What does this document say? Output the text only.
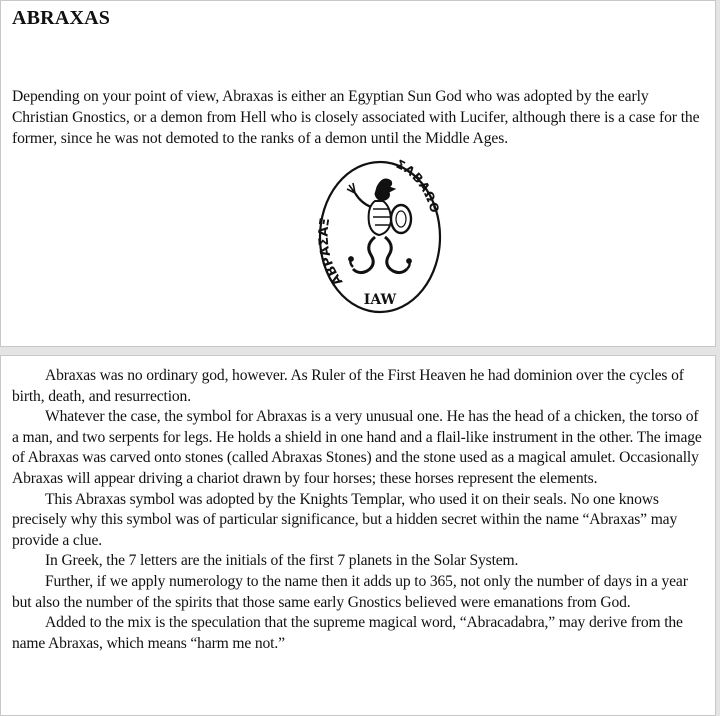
ABRAXAS

Depending on your point of view, Abraxas is either an Egyptian Sun God who was adopted by the early Christian Gnostics, or a demon from Hell who is closely associated with Lucifer, although there is a case for the former, since he was not demoted to the ranks of a demon until the Middle Ages.

ΑΒΡΑΣΑΞ
ΣΑΒΑΩΘ
IAW

Abraxas was no ordinary god, however. As Ruler of the First Heaven he had dominion over the cycles of birth, death, and resurrection.

Whatever the case, the symbol for Abraxas is a very unusual one. He has the head of a chicken, the torso of a man, and two serpents for legs. He holds a shield in one hand and a flail-like instrument in the other. The image of Abraxas was carved onto stones (called Abraxas Stones) and the stone used as a magical amulet. Occasionally Abraxas will appear driving a chariot drawn by four horses; these horses represent the elements.

This Abraxas symbol was adopted by the Knights Templar, who used it on their seals. No one knows precisely why this symbol was of particular significance, but a hidden secret within the name “Abraxas” may provide a clue.

In Greek, the 7 letters are the initials of the first 7 planets in the Solar System.

Further, if we apply numerology to the name then it adds up to 365, not only the number of days in a year but also the number of the spirits that those same early Gnostics believed were emanations from God.

Added to the mix is the speculation that the supreme magical word, “Abracadabra,” may derive from the name Abraxas, which means “harm me not.”
